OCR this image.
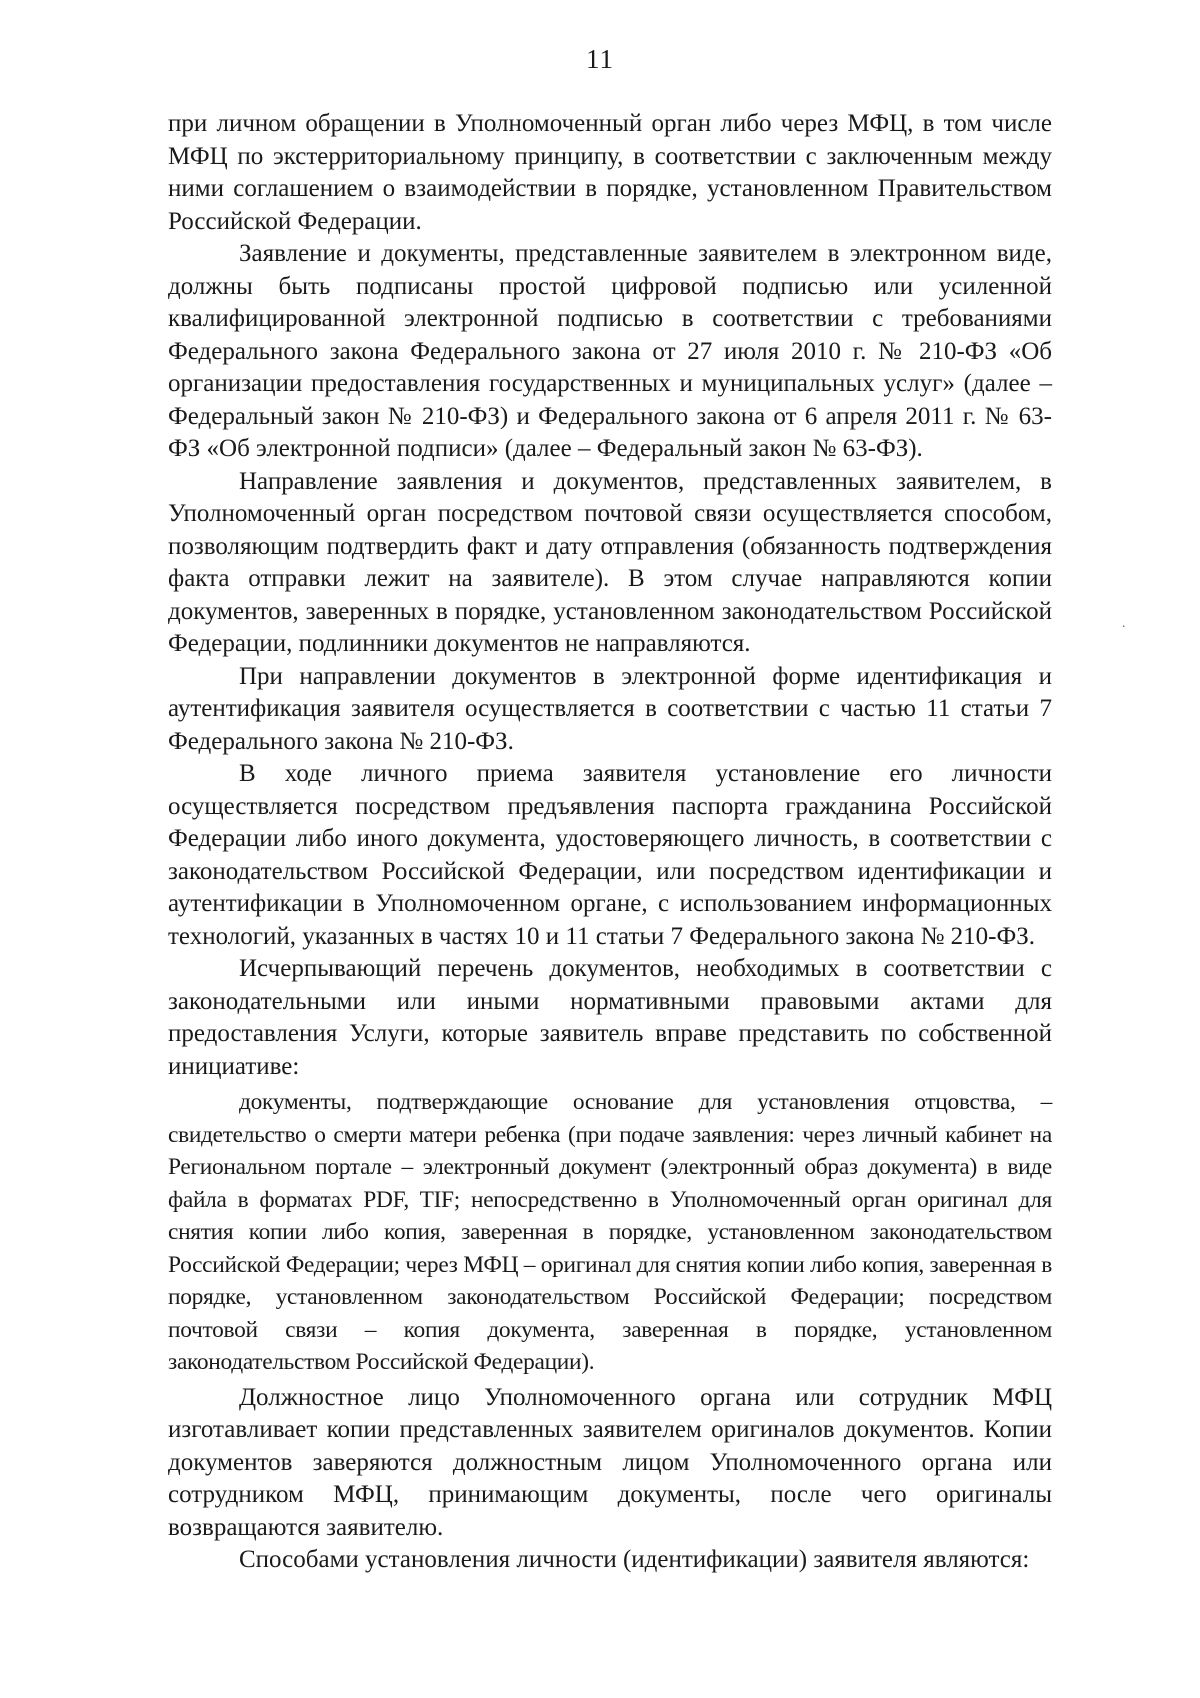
11
·

при личном обращении в Уполномоченный орган либо через МФЦ, в том числе МФЦ по экстерриториальному принципу, в соответствии с заключенным между ними соглашением о взаимодействии в порядке, установленном Правительством Российской Федерации.

Заявление и документы, представленные заявителем в электронном виде, должны быть подписаны простой цифровой подписью или усиленной квалифицированной электронной подписью в соответствии с требованиями Федерального закона Федерального закона от 27 июля 2010 г. № 210-ФЗ «Об организации предоставления государственных и муниципальных услуг» (далее – Федеральный закон № 210-ФЗ) и Федерального закона от 6 апреля 2011 г. № 63-ФЗ «Об электронной подписи» (далее – Федеральный закон № 63-ФЗ).

Направление заявления и документов, представленных заявителем, в Уполномоченный орган посредством почтовой связи осуществляется способом, позволяющим подтвердить факт и дату отправления (обязанность подтверждения факта отправки лежит на заявителе). В этом случае направляются копии документов, заверенных в порядке, установленном законодательством Российской Федерации, подлинники документов не направляются.

При направлении документов в электронной форме идентификация и аутентификация заявителя осуществляется в соответствии с частью 11 статьи 7 Федерального закона № 210-ФЗ.

В ходе личного приема заявителя установление его личности осуществляется посредством предъявления паспорта гражданина Российской Федерации либо иного документа, удостоверяющего личность, в соответствии с законодательством Российской Федерации, или посредством идентификации и аутентификации в Уполномоченном органе, с использованием информационных технологий, указанных в частях 10 и 11 статьи 7 Федерального закона № 210-ФЗ.

Исчерпывающий перечень документов, необходимых в соответствии с законодательными или иными нормативными правовыми актами для предоставления Услуги, которые заявитель вправе представить по собственной инициативе:

документы, подтверждающие основание для установления отцовства, – свидетельство о смерти матери ребенка (при подаче заявления: через личный кабинет на Региональном портале – электронный документ (электронный образ документа) в виде файла в форматах PDF, TIF; непосредственно в Уполномоченный орган оригинал для снятия копии либо копия, заверенная в порядке, установленном законодательством Российской Федерации; через МФЦ – оригинал для снятия копии либо копия, заверенная в порядке, установленном законодательством Российской Федерации; посредством почтовой связи – копия документа, заверенная в порядке, установленном законодательством Российской Федерации).

Должностное лицо Уполномоченного органа или сотрудник МФЦ изготавливает копии представленных заявителем оригиналов документов. Копии документов заверяются должностным лицом Уполномоченного органа или сотрудником МФЦ, принимающим документы, после чего оригиналы возвращаются заявителю.

Способами установления личности (идентификации) заявителя являются:
